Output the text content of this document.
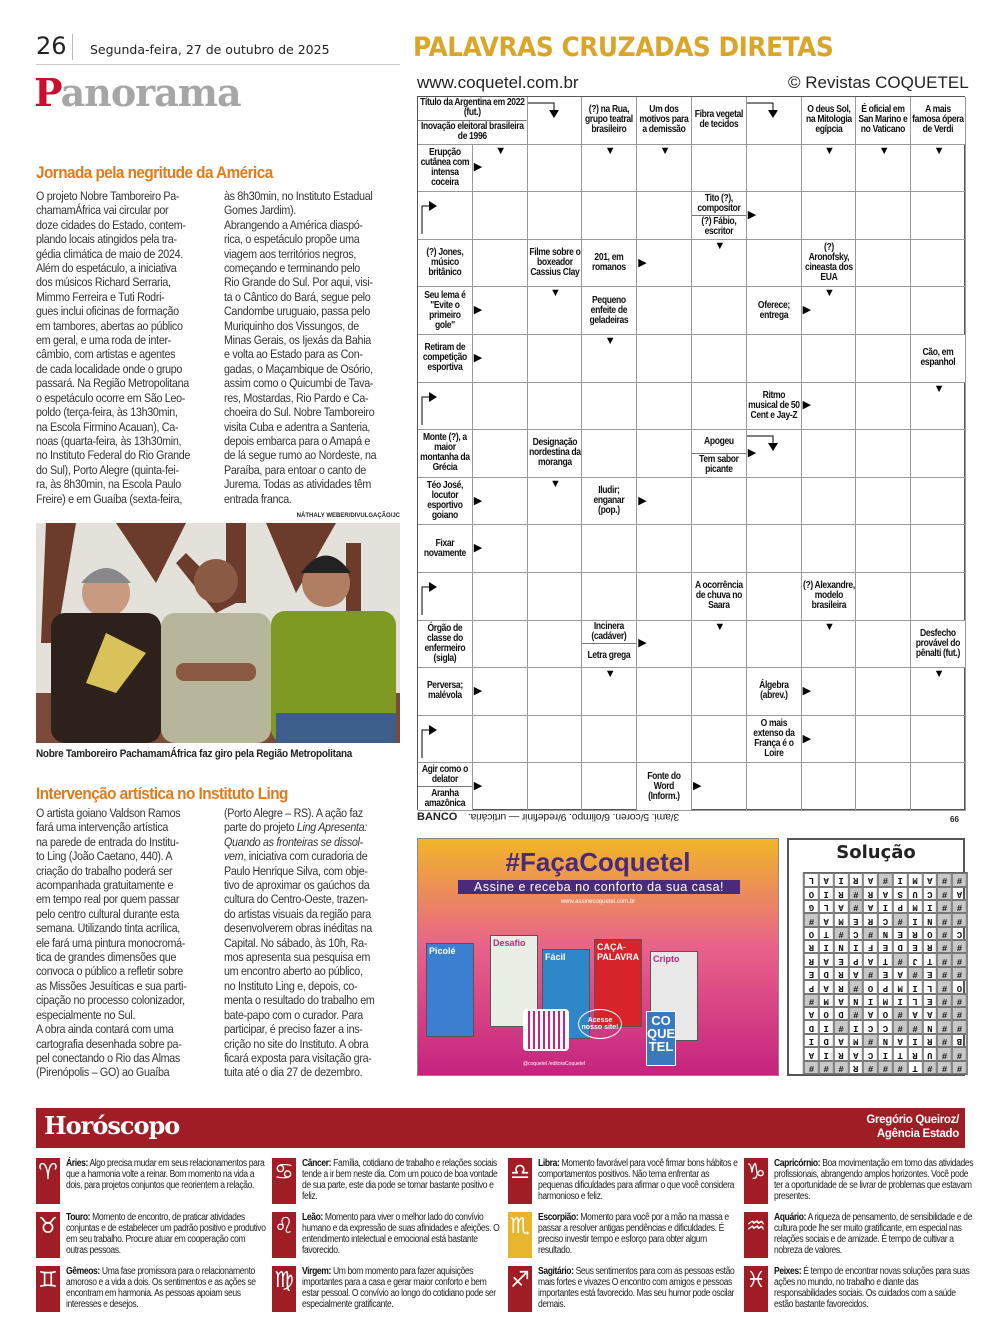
26 Segunda-feira, 27 de outubro de 2025
Panorama
Jornada pela negritude da América
O projeto Nobre Tamboreiro Pa-
chamamÁfrica vai circular por
doze cidades do Estado, contem-
plando locais atingidos pela tra-
gédia climática de maio de 2024.
Além do espetáculo, a iniciativa
dos músicos Richard Serraria,
Mimmo Ferreira e Tuti Rodri-
gues inclui oficinas de formação
em tambores, abertas ao público
em geral, e uma roda de inter-
câmbio, com artistas e agentes
de cada localidade onde o grupo
passará. Na Região Metropolitana
o espetáculo ocorre em São Leo-
poldo (terça-feira, às 13h30min,
na Escola Firmino Acauan), Ca-
noas (quarta-feira, às 13h30min,
no Instituto Federal do Rio Grande
do Sul), Porto Alegre (quinta-fei-
ra, às 8h30min, na Escola Paulo
Freire) e em Guaíba (sexta-feira,
às 8h30min, no Instituto Estadual
Gomes Jardim).
Abrangendo a América diaspó-
rica, o espetáculo propõe uma
viagem aos territórios negros,
começando e terminando pelo
Rio Grande do Sul. Por aqui, visi-
ta o Cântico do Bará, segue pelo
Candombe uruguaio, passa pelo
Muriquinho dos Vissungos, de
Minas Gerais, os Ijexás da Bahia
e volta ao Estado para as Con-
gadas, o Maçambique de Osório,
assim como o Quicumbi de Tava-
res, Mostardas, Rio Pardo e Ca-
choeira do Sul. Nobre Tamboreiro
visita Cuba e adentra a Santeria,
depois embarca para o Amapá e
de lá segue rumo ao Nordeste, na
Paraíba, para entoar o canto de
Jurema. Todas as atividades têm
entrada franca.
NÁTHALY WEBER/DIVULGAÇÃO/JC
Nobre Tamboreiro PachamamÁfrica faz giro pela Região Metropolitana
Intervenção artística no Instituto Ling
O artista goiano Valdson Ramos
fará uma intervenção artística
na parede de entrada do Institu-
to Ling (João Caetano, 440). A
criação do trabalho poderá ser
acompanhada gratuitamente e
em tempo real por quem passar
pelo centro cultural durante esta
semana. Utilizando tinta acrílica,
ele fará uma pintura monocromá-
tica de grandes dimensões que
convoca o público a refletir sobre
as Missões Jesuíticas e sua parti-
cipação no processo colonizador,
especialmente no Sul.
A obra ainda contará com uma
cartografia desenhada sobre pa-
pel conectando o Rio das Almas
(Pirenópolis – GO) ao Guaíba
(Porto Alegre – RS). A ação faz
parte do projeto Ling Apresenta:
Quando as fronteiras se dissol-
vem, iniciativa com curadoria de
Paulo Henrique Silva, com obje-
tivo de aproximar os gaúchos da
cultura do Centro-Oeste, trazen-
do artistas visuais da região para
desenvolverem obras inéditas na
Capital. No sábado, às 10h, Ra-
mos apresenta sua pesquisa em
um encontro aberto ao público,
no Instituto Ling e, depois, co-
menta o resultado do trabalho em
bate-papo com o curador. Para
participar, é preciso fazer a ins-
crição no site do Instituto. A obra
ficará exposta para visitação gra-
tuita até o dia 27 de dezembro.
PALAVRAS CRUZADAS DIRETAS
www.coquetel.com.br	© Revistas COQUETEL
Título da Argentina em 2022 (fut.)
Inovação eleitoral brasileira de 1996
(?) na Rua, grupo teatral brasileiro
Um dos motivos para a demissão
Fibra vegetal de tecidos
O deus Sol, na Mitologia egípcia
É oficial em San Marino e no Vaticano
A mais famosa ópera de Verdi
Erupção cutânea com intensa coceira
Tito (?), compositor
(?) Fábio, escritor
(?) Jones, músico britânico
Filme sobre o boxeador Cassius Clay
201, em romanos
(?) Aronofsky, cineasta dos EUA
Seu lema é "Evite o primeiro gole"
Pequeno enfeite de geladeiras
Oferece; entrega
Retiram de competição esportiva
Cão, em espanhol
Ritmo musical de 50 Cent e Jay-Z
Monte (?), a maior montanha da Grécia
Designação nordestina da moranga
Apogeu
Tem sabor picante
Téo José, locutor esportivo goiano
Iludir; enganar (pop.)
Fixar novamente
A ocorrência de chuva no Saara
(?) Alexandre, modelo brasileira
Órgão de classe do enfermeiro (sigla)
Incinera (cadáver)
Letra grega
Desfecho provável do pênalti (fut.)
Perversa; malévola
Álgebra (abrev.)
O mais extenso da França é o Loire
Agir como o delator
Aranha amazônica
Fonte do Word (Inform.)
▼
▶
▼	▼	▼	▼	▼
▶
▶
▼
▶
▼
▶
▼
▶
▼
▶
▼
▶
▶
▼
▶
▶
▶
▼	▼
▶
▼
▶
▼
▶
▶	▶
BANCO 3/ami. 5/coren. 6/olimpo. 9/redefinir — urticária.	66
#FaçaCoquetel
Assine e receba no conforto da sua casa!
www.assinecoquetel.com.br
Picolé
Desafio
Fácil
CAÇA-PALAVRA	Cripto
Acesse nosso site!
@coquetel /editoraCoquetel
CO
QUE
TEL
Solução
###T###R###
##URTICARIA
B#RIAN#MADI
##N##CCI#ID
##AA#OA#DOA
##ELIMINAM#
O#LIMPO#RAP
##E#AE#ARDE
##TJ#TAPEAR
##REDEFINIR
C#OREN#C#TO
##NI#CREMA#
##IMPIA#ALG
A#CUSAR#RIO
##AMI#ARIAL
Horóscopo	Gregório Queiroz/
Agência Estado
♈︎ Áries: Algo precisa mudar em seus relacionamentos para que a harmonia volte a reinar. Bom momento na vida a dois, para projetos conjuntos que reorientem a relação.
♉︎ Touro: Momento de encontro, de praticar atividades conjuntas e de estabelecer um padrão positivo e produtivo em seu trabalho. Procure atuar em cooperação com outras pessoas.
♊︎ Gêmeos: Uma fase promissora para o relacionamento amoroso e a vida a dois. Os sentimentos e as ações se encontram em harmonia. As pessoas apoiam seus interesses e desejos.
♋︎ Câncer: Família, cotidiano de trabalho e relações sociais tende a ir bem neste dia. Com um pouco de boa vontade de sua parte, este dia pode se tornar bastante positivo e feliz.
♌︎ Leão: Momento para viver o melhor lado do convívio humano e da expressão de suas afinidades e afeições. O entendimento intelectual e emocional está bastante favorecido.
♍︎ Virgem: Um bom momento para fazer aquisições importantes para a casa e gerar maior conforto e bem estar pessoal. O convívio ao longo do cotidiano pode ser especialmente gratificante.
♎︎ Libra: Momento favorável para você firmar bons hábitos e comportamentos positivos. Não tema enfrentar as pequenas dificuldades para afirmar o que você considera harmonioso e feliz.
♏︎ Escorpião: Momento para você por a mão na massa e passar a resolver antigas pendências e dificuldades. É preciso investir tempo e esforço para obter algum resultado.
♐︎ Sagitário: Seus sentimentos para com as pessoas estão mais fortes e vivazes O encontro com amigos e pessoas importantes está favorecido. Mas seu humor pode oscilar demais.
♑︎ Capricórnio: Boa movimentação em torno das atividades profissionais, abrangendo amplos horizontes. Você pode ter a oportunidade de se livrar de problemas que estavam presentes.
♒︎ Aquário: A riqueza de pensamento, de sensibilidade e de cultura pode lhe ser muito gratificante, em especial nas relações sociais e de amizade. É tempo de cultivar a nobreza de valores.
♓︎ Peixes: É tempo de encontrar novas soluções para suas ações no mundo, no trabalho e diante das responsabilidades sociais. Os cuidados com a saúde estão bastante favorecidos.
